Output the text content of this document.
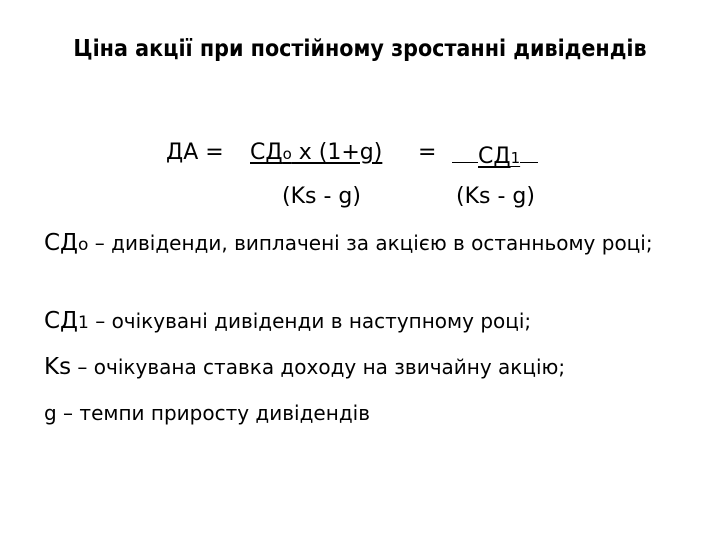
Ціна акції при постійному зростанні дивідендів
ДА = СДо х (1+g) =	СД1
(Ks - g)	(Ks - g)
СДо – дивіденди, виплачені за акцією в останньому році;
СД1 – очікувані дивіденди в наступному році;
Ks – очікувана ставка доходу на звичайну акцію;
g – темпи приросту дивідендів
